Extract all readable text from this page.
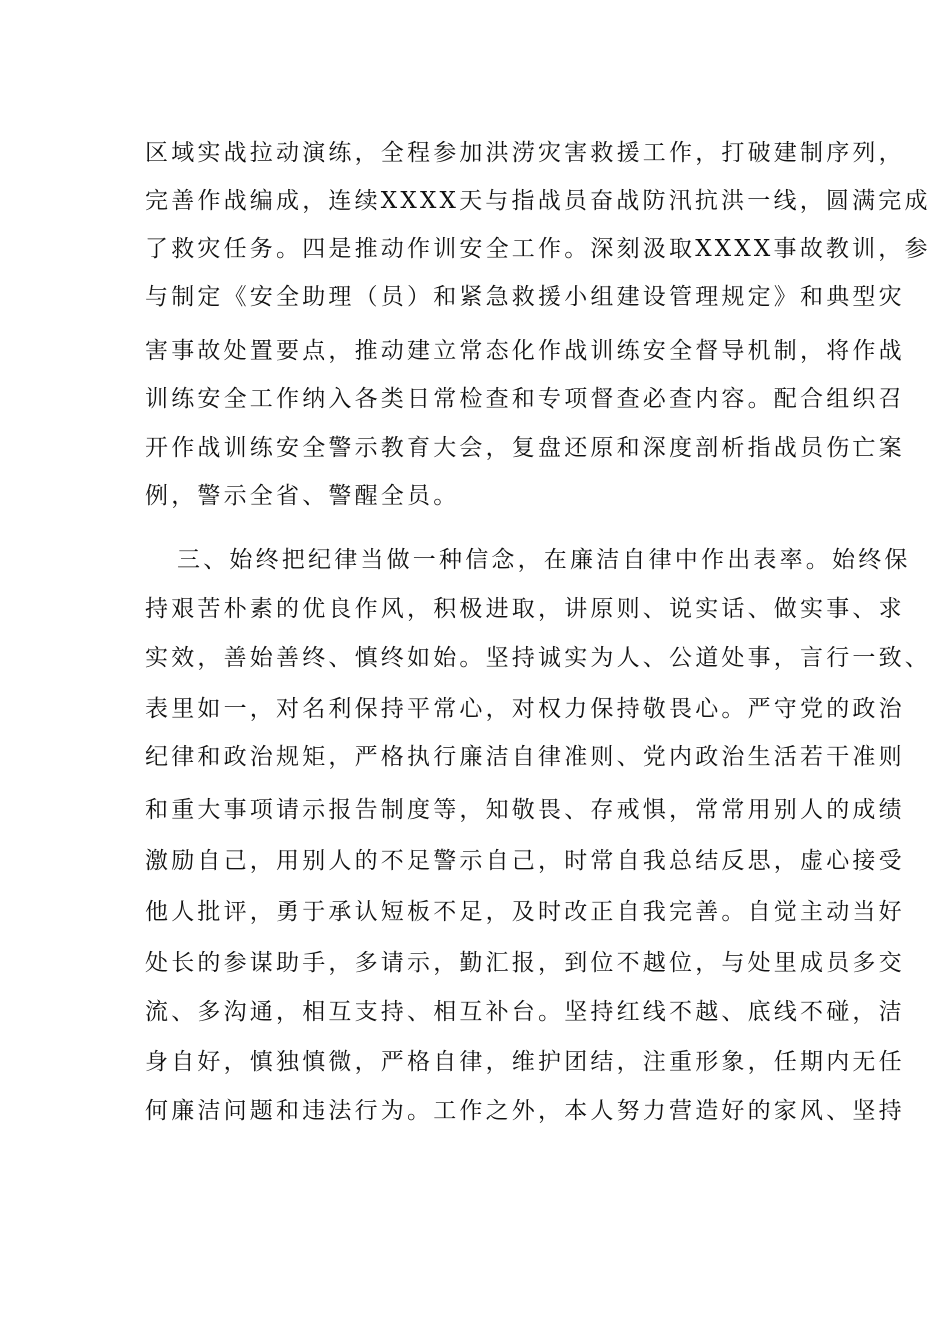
区域实战拉动演练，全程参加洪涝灾害救援工作，打破建制序列，
完善作战编成，连续XXXX天与指战员奋战防汛抗洪一线，圆满完成
了救灾任务。四是推动作训安全工作。深刻汲取XXXX事故教训，参
与制定《安全助理（员）和紧急救援小组建设管理规定》和典型灾
害事故处置要点，推动建立常态化作战训练安全督导机制，将作战
训练安全工作纳入各类日常检查和专项督查必查内容。配合组织召
开作战训练安全警示教育大会，复盘还原和深度剖析指战员伤亡案
例，警示全省、警醒全员。
三、始终把纪律当做一种信念，在廉洁自律中作出表率。始终保
持艰苦朴素的优良作风，积极进取，讲原则、说实话、做实事、求
实效，善始善终、慎终如始。坚持诚实为人、公道处事，言行一致、
表里如一，对名利保持平常心，对权力保持敬畏心。严守党的政治
纪律和政治规矩，严格执行廉洁自律准则、党内政治生活若干准则
和重大事项请示报告制度等，知敬畏、存戒惧，常常用别人的成绩
激励自己，用别人的不足警示自己，时常自我总结反思，虚心接受
他人批评，勇于承认短板不足，及时改正自我完善。自觉主动当好
处长的参谋助手，多请示，勤汇报，到位不越位，与处里成员多交
流、多沟通，相互支持、相互补台。坚持红线不越、底线不碰，洁
身自好，慎独慎微，严格自律，维护团结，注重形象，任期内无任
何廉洁问题和违法行为。工作之外，本人努力营造好的家风、坚持
